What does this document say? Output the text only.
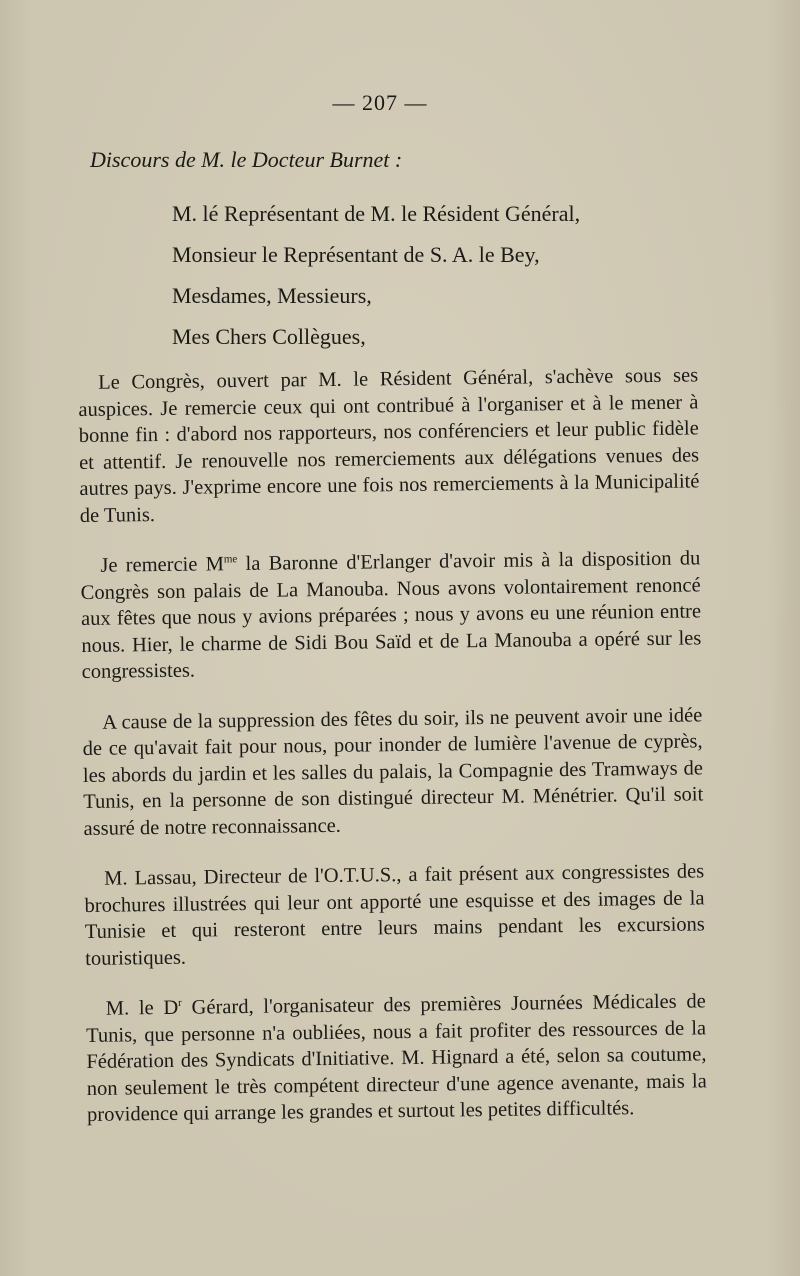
— 207 —
Discours de M. le Docteur Burnet :

M. lé Représentant de M. le Résident Général,

Monsieur le Représentant de S. A. le Bey,

Mesdames, Messieurs,

Mes Chers Collègues,

Le Congrès, ouvert par M. le Résident Général, s'achève sous ses auspices. Je remercie ceux qui ont contribué à l'organiser et à le mener à bonne fin : d'abord nos rapporteurs, nos conférenciers et leur public fidèle et attentif. Je renouvelle nos remerciements aux délégations venues des autres pays. J'exprime encore une fois nos remerciements à la Municipalité de Tunis.

Je remercie $M^{me}$ la Baronne d'Erlanger d'avoir mis à la disposition du Congrès son palais de La Manouba. Nous avons volontairement renoncé aux fêtes que nous y avions préparées ; nous y avons eu une réunion entre nous. Hier, le charme de Sidi Bou Saïd et de La Manouba a opéré sur les congressistes.

A cause de la suppression des fêtes du soir, ils ne peuvent avoir une idée de ce qu'avait fait pour nous, pour inonder de lumière l'avenue de cyprès, les abords du jardin et les salles du palais, la Compagnie des Tramways de Tunis, en la personne de son distingué directeur M. Ménétrier. Qu'il soit assuré de notre reconnaissance.

M. Lassau, Directeur de l'O.T.U.S., a fait présent aux congressistes des brochures illustrées qui leur ont apporté une esquisse et des images de la Tunisie et qui resteront entre leurs mains pendant les excursions touristiques.

M. le $D^r$ Gérard, l'organisateur des premières Journées Médicales de Tunis, que personne n'a oubliées, nous a fait profiter des ressources de la Fédération des Syndicats d'Initiative. M. Hignard a été, selon sa coutume, non seulement le très compétent directeur d'une agence avenante, mais la providence qui arrange les grandes et surtout les petites difficultés.
